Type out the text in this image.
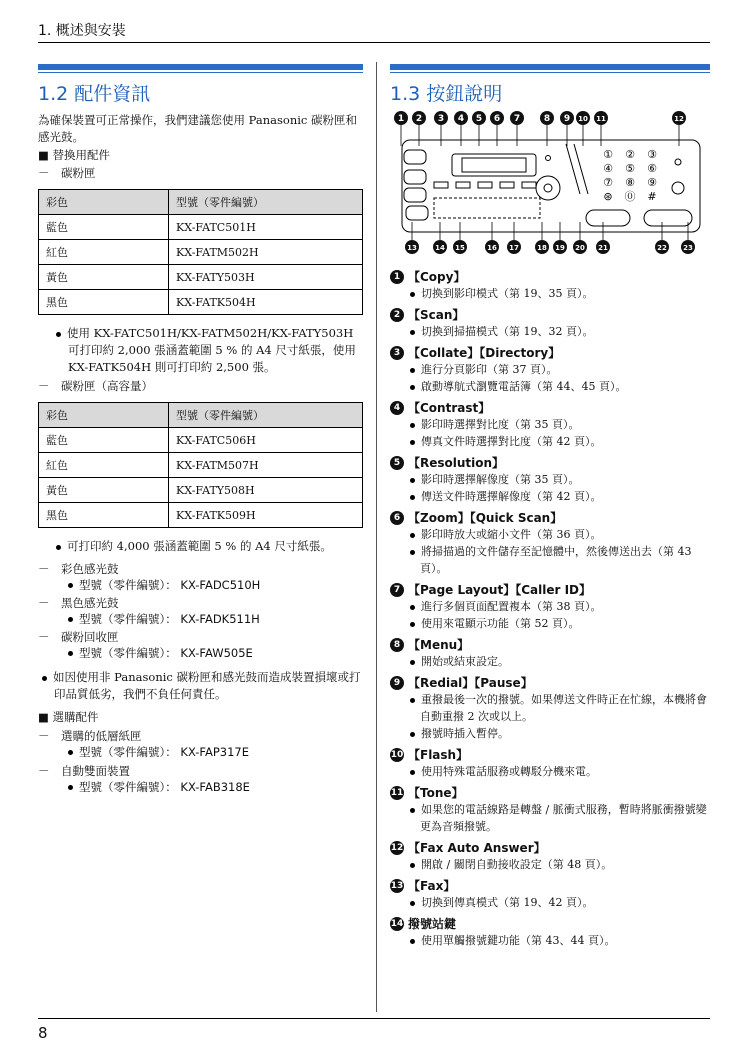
1. 概述與安裝
8
1.2 配件資訊
為確保裝置可正常操作，我們建議您使用 Panasonic 碳粉匣和感光鼓。
■ 替換用配件
－　碳粉匣
彩色	型號（零件編號）
藍色	KX-FATC501H
紅色	KX-FATM502H
黃色	KX-FATY503H
黑色	KX-FATK504H
使用 KX-FATC501H/KX-FATM502H/KX-FATY503H 可打印約 2,000 張涵蓋範圍 5 % 的 A4 尺寸紙張，使用 KX-FATK504H 則可打印約 2,500 張。
－　碳粉匣（高容量）
彩色	型號（零件編號）
藍色	KX-FATC506H
紅色	KX-FATM507H
黃色	KX-FATY508H
黑色	KX-FATK509H
可打印約 4,000 張涵蓋範圍 5 % 的 A4 尺寸紙張。
－　彩色感光鼓
型號（零件編號）： KX-FADC510H
－　黑色感光鼓
型號（零件編號）： KX-FADK511H
－　碳粉回收匣
型號（零件編號）： KX-FAW505E
如因使用非 Panasonic 碳粉匣和感光鼓而造成裝置損壞或打印品質低劣，我們不負任何責任。
■ 選購配件
－　選購的低層紙匣
型號（零件編號）： KX-FAP317E
－　自動雙面裝置
型號（零件編號）： KX-FAB318E
1.3 按鈕說明
1 2 3 4 5 6 7	8 9 10 11	12
13	14 15	16 17	18 19 20 21	22 23
① ② ③
④ ⑤ ⑥
⑦ ⑧ ⑨
⊛ ⓪ #
1 【Copy】
切換到影印模式（第 19、35 頁）。
2 【Scan】
切換到掃描模式（第 19、32 頁）。
3 【Collate】【Directory】
進行分頁影印（第 37 頁）。
啟動導航式瀏覽電話簿（第 44、45 頁）。
4 【Contrast】
影印時選擇對比度（第 35 頁）。
傳真文件時選擇對比度（第 42 頁）。
5 【Resolution】
影印時選擇解像度（第 35 頁）。
傳送文件時選擇解像度（第 42 頁）。
6 【Zoom】【Quick Scan】
影印時放大或縮小文件（第 36 頁）。
將掃描過的文件儲存至記憶體中，然後傳送出去（第 43 頁）。
7 【Page Layout】【Caller ID】
進行多個頁面配置複本（第 38 頁）。
使用來電顯示功能（第 52 頁）。
8 【Menu】
開始或結束設定。
9 【Redial】【Pause】
重撥最後一次的撥號。如果傳送文件時正在忙線，本機將會自動重撥 2 次或以上。
撥號時插入暫停。
10 【Flash】
使用特殊電話服務或轉駁分機來電。
11 【Tone】
如果您的電話線路是轉盤 / 脈衝式服務，暫時將脈衝撥號變更為音頻撥號。
12 【Fax Auto Answer】
開啟 / 關閉自動接收設定（第 48 頁）。
13 【Fax】
切換到傳真模式（第 19、42 頁）。
14 撥號站鍵
使用單觸撥號鍵功能（第 43、44 頁）。
